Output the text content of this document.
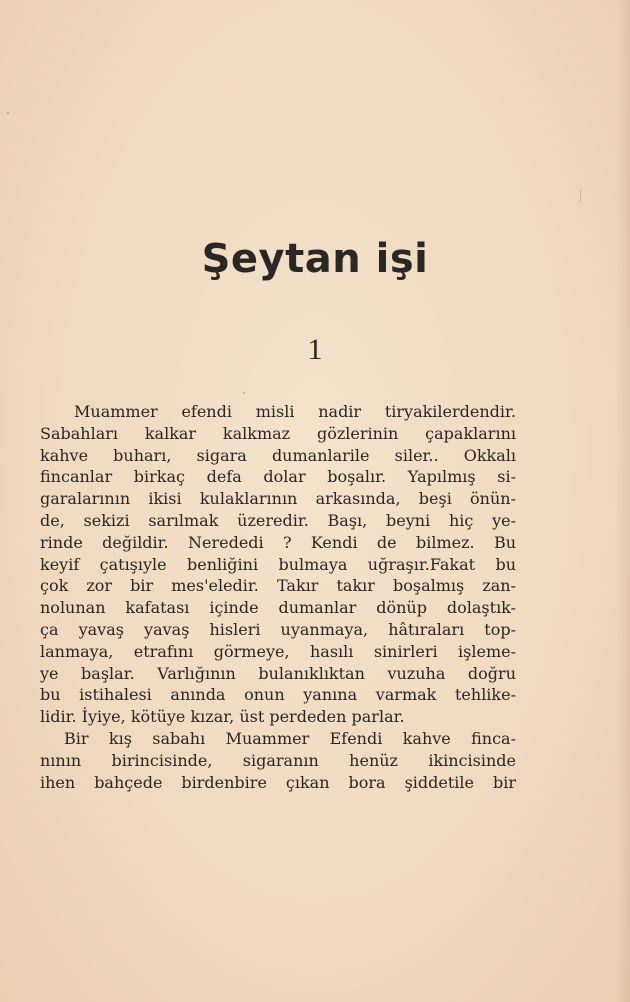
Şeytan işi
1
Muammer efendi misli nadir tiryakilerdendir.
Sabahları kalkar kalkmaz gözlerinin çapaklarını
kahve buharı, sigara dumanlarile siler.. Okkalı
fincanlar birkaç defa dolar boşalır. Yapılmış si-
garalarının ikisi kulaklarının arkasında, beşi önün-
de, sekizi sarılmak üzeredir. Başı, beyni hiç ye-
rinde değildir. Nerededi ? Kendi de bilmez. Bu
keyif çatışıyle benliğini bulmaya uğraşır.Fakat bu
çok zor bir mes'eledir. Takır takır boşalmış zan-
nolunan kafatası içinde dumanlar dönüp dolaştık-
ça yavaş yavaş hisleri uyanmaya, hâtıraları top-
lanmaya, etrafını görmeye, hasılı sinirleri işleme-
ye başlar. Varlığının bulanıklıktan vuzuha doğru
bu istihalesi anında onun yanına varmak tehlike-
lidir. İyiye, kötüye kızar, üst perdeden parlar.
Bir kış sabahı Muammer Efendi kahve finca-
nının birincisinde, sigaranın henüz ikincisinde
ihen bahçede birdenbire çıkan bora şiddetile bir
